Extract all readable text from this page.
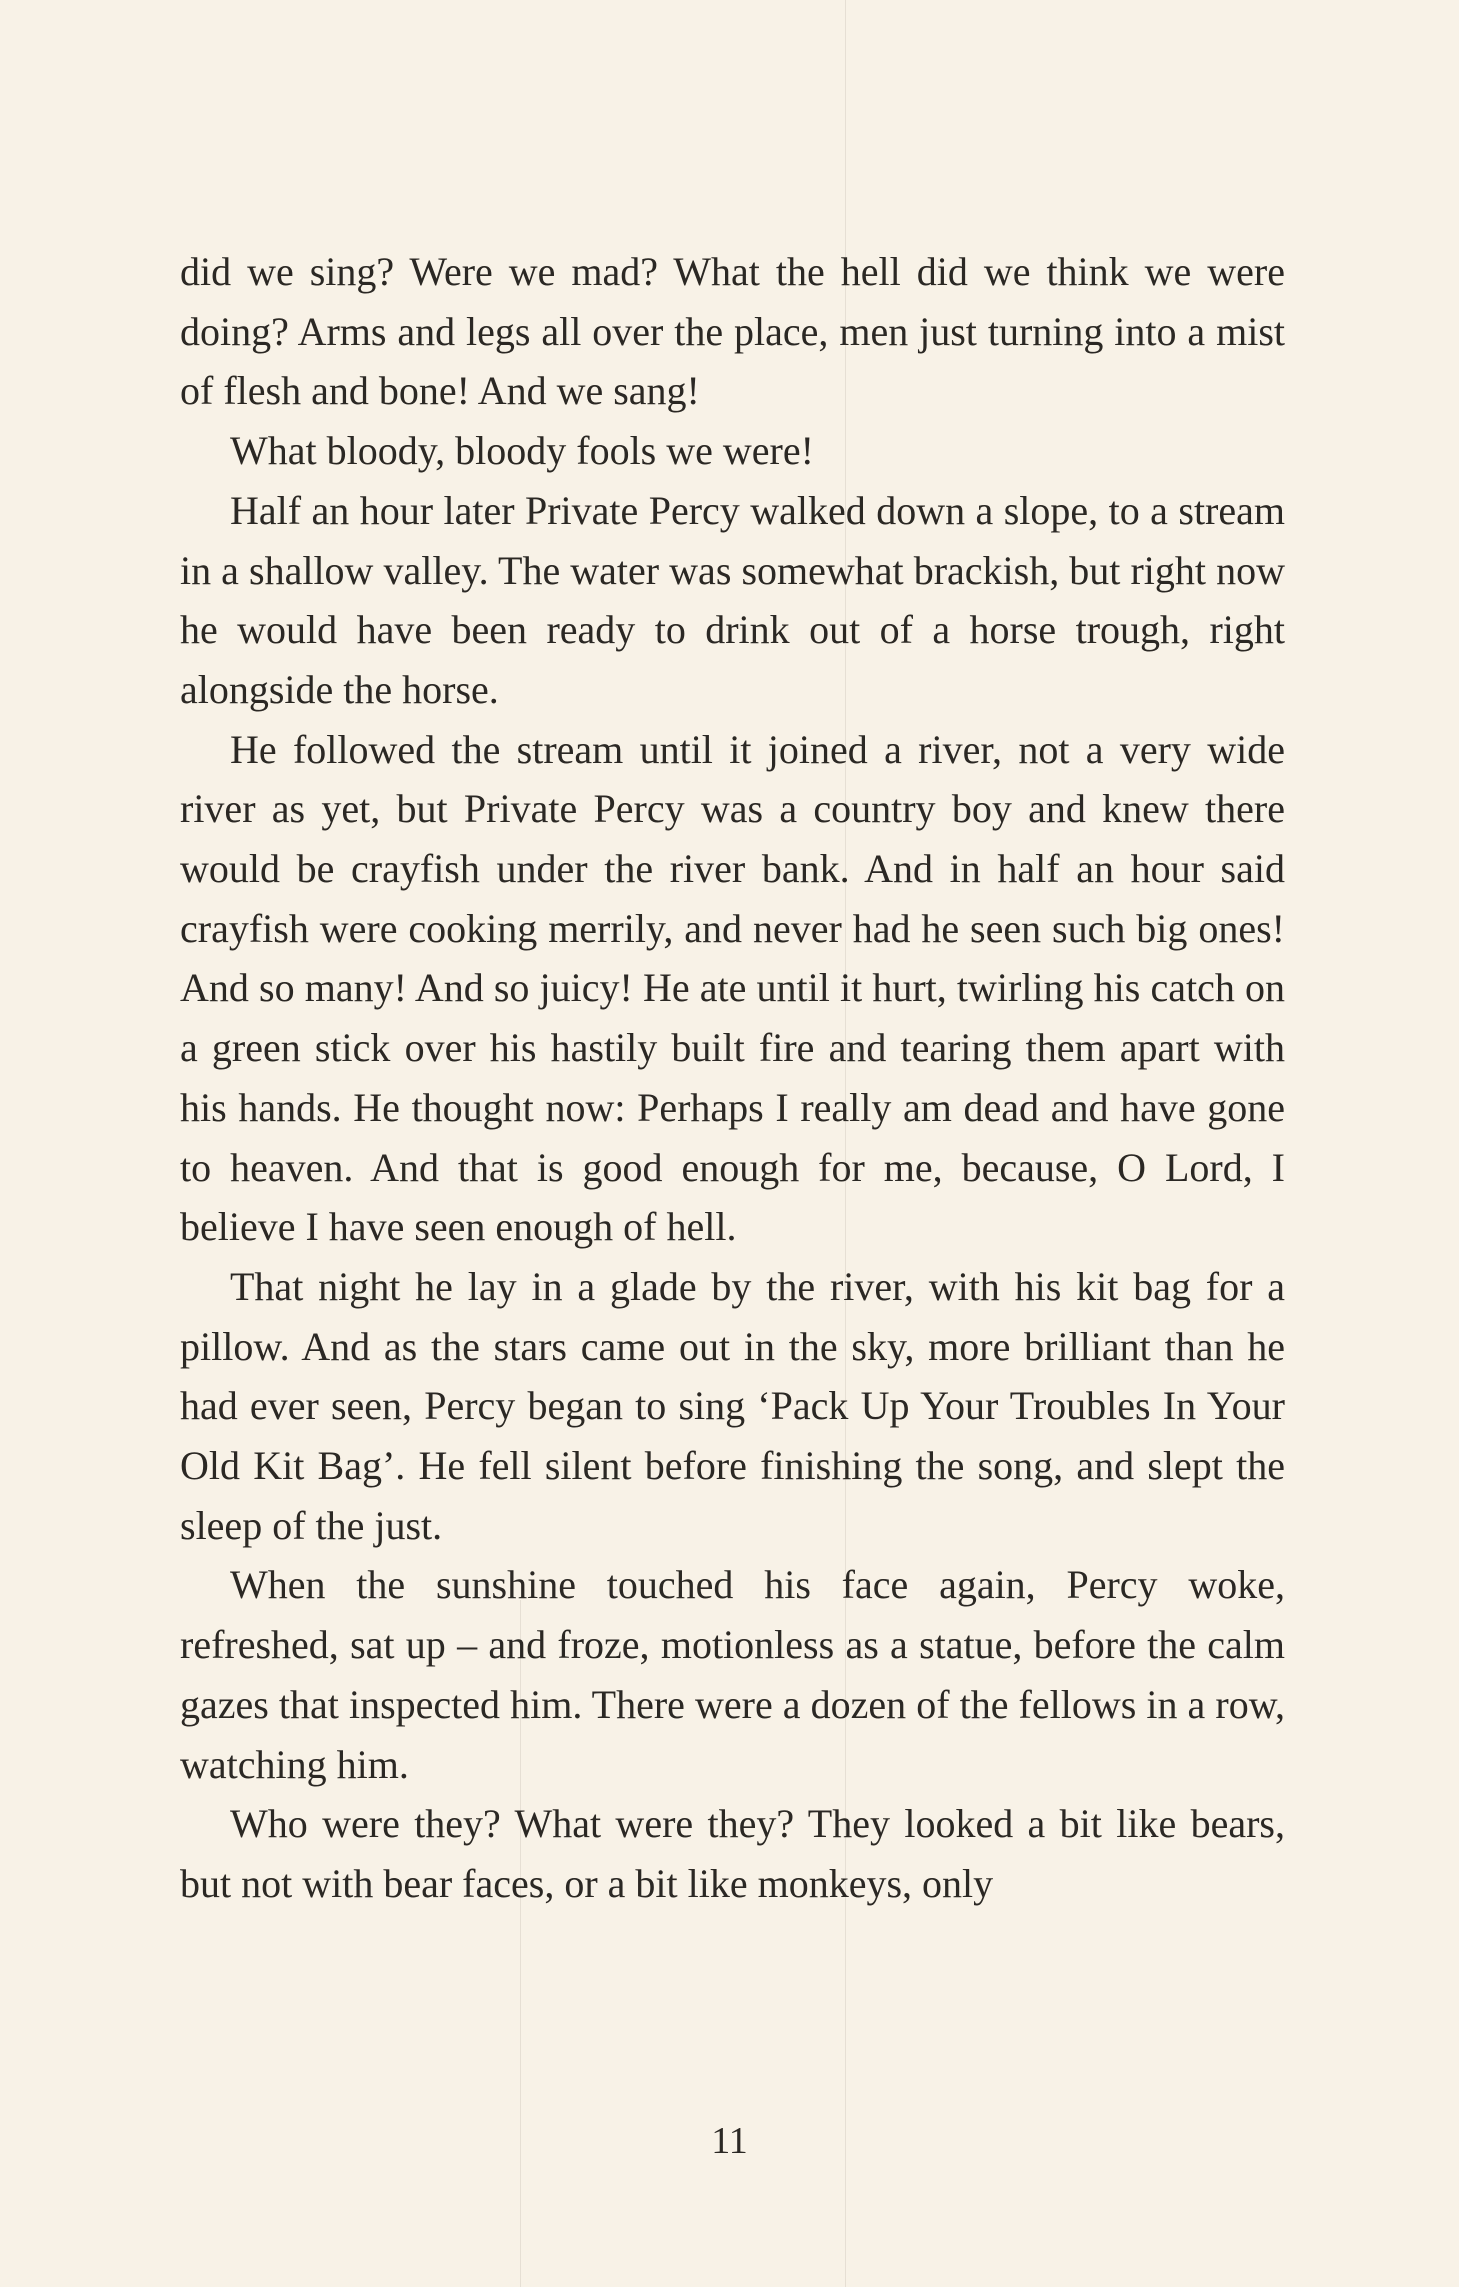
did we sing? Were we mad? What the hell did we think we were doing? Arms and legs all over the place, men just turning into a mist of flesh and bone! And we sang!

What bloody, bloody fools we were!

Half an hour later Private Percy walked down a slope, to a stream in a shallow valley. The water was somewhat brackish, but right now he would have been ready to drink out of a horse trough, right alongside the horse.

He followed the stream until it joined a river, not a very wide river as yet, but Private Percy was a country boy and knew there would be crayfish under the river bank. And in half an hour said crayfish were cooking merrily, and never had he seen such big ones! And so many! And so juicy! He ate until it hurt, twirling his catch on a green stick over his hastily built fire and tearing them apart with his hands. He thought now: Perhaps I really am dead and have gone to heaven. And that is good enough for me, because, O Lord, I believe I have seen enough of hell.

That night he lay in a glade by the river, with his kit bag for a pillow. And as the stars came out in the sky, more brilliant than he had ever seen, Percy began to sing ‘Pack Up Your Troubles In Your Old Kit Bag’. He fell silent before finishing the song, and slept the sleep of the just.

When the sunshine touched his face again, Percy woke, refreshed, sat up – and froze, motionless as a statue, before the calm gazes that inspected him. There were a dozen of the fellows in a row, watching him.

Who were they? What were they? They looked a bit like bears, but not with bear faces, or a bit like monkeys, only

11
